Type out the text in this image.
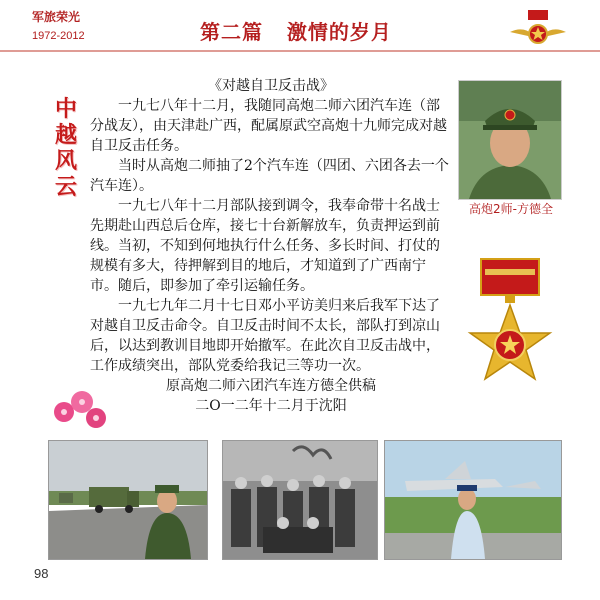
军旅荣光
1972-2012	第二篇   激情的岁月
中
越
风
云

《对越自卫反击战》

一九七八年十二月，我随同高炮二师六团汽车连（部分战友），由天津赴广西，配属原武空高炮十九师完成对越自卫反击任务。

当时从高炮二师抽了2个汽车连（四团、六团各去一个汽车连）。

一九七八年十二月部队接到调令，我奉命带十名战士先期赴山西总后仓库，接七十台新解放车，负责押运到前线。当初，不知到何地执行什么任务、多长时间、打仗的规模有多大，待押解到目的地后，才知道到了广西南宁市。随后，即参加了牵引运输任务。

一九七九年二月十七日邓小平访美归来后我军下达了对越自卫反击命令。自卫反击时间不太长，部队打到凉山后，以达到教训目地即开始撤军。在此次自卫反击战中，工作成绩突出，部队党委给我记三等功一次。

原高炮二师六团汽车连方德全供稿

二O一二年十二月于沈阳

高炮2师-方德全
98
